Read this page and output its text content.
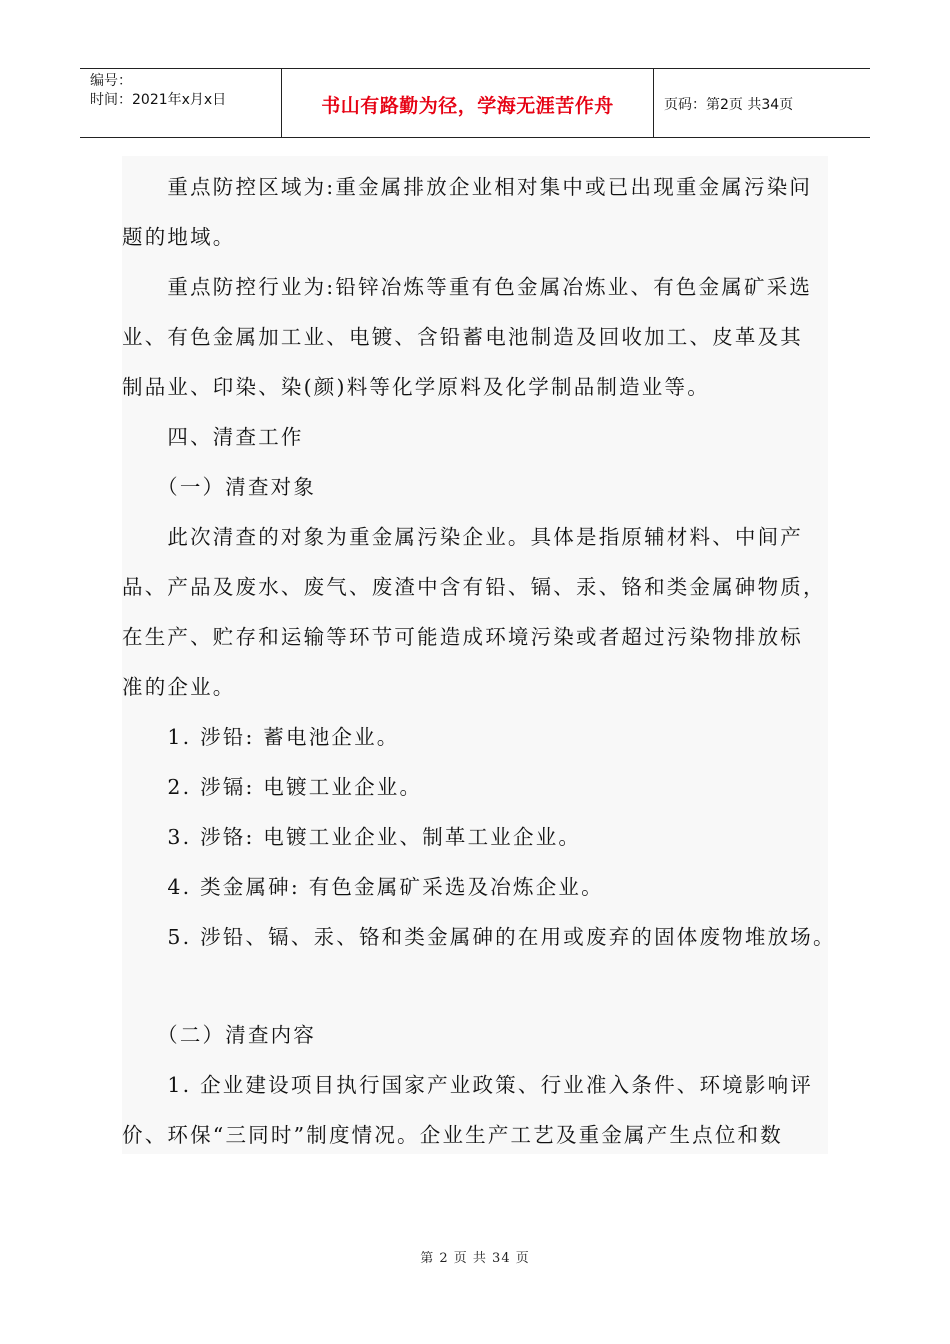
编号：
时间：2021年x月x日	书山有路勤为径，学海无涯苦作舟	页码：第2页 共34页
　　重点防控区域为:重金属排放企业相对集中或已出现重金属污染问
题的地域。
　　重点防控行业为:铅锌冶炼等重有色金属冶炼业、有色金属矿采选
业、有色金属加工业、电镀、含铅蓄电池制造及回收加工、皮革及其
制品业、印染、染(颜)料等化学原料及化学制品制造业等。
　　四、清查工作
　　（一）清查对象
　　此次清查的对象为重金属污染企业。具体是指原辅材料、中间产
品、产品及废水、废气、废渣中含有铅、镉、汞、铬和类金属砷物质，
在生产、贮存和运输等环节可能造成环境污染或者超过污染物排放标
准的企业。
　　1. 涉铅: 蓄电池企业。
　　2. 涉镉: 电镀工业企业。
　　3. 涉铬: 电镀工业企业、制革工业企业。
　　4. 类金属砷: 有色金属矿采选及冶炼企业。
　　5. 涉铅、镉、汞、铬和类金属砷的在用或废弃的固体废物堆放场。
　　（二）清查内容
　　1. 企业建设项目执行国家产业政策、行业准入条件、环境影响评
价、环保“三同时”制度情况。企业生产工艺及重金属产生点位和数
第 2 页 共 34 页
